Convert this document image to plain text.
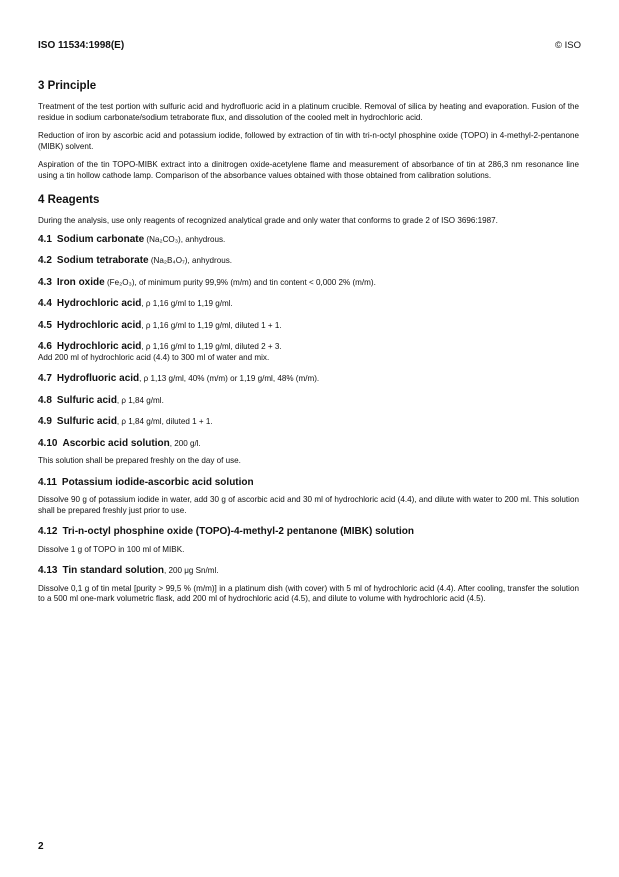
ISO 11534:1998(E)	© ISO
3 Principle

Treatment of the test portion with sulfuric acid and hydrofluoric acid in a platinum crucible. Removal of silica by heating and evaporation. Fusion of the residue in sodium carbonate/sodium tetraborate flux, and dissolution of the cooled melt in hydrochloric acid.

Reduction of iron by ascorbic acid and potassium iodide, followed by extraction of tin with tri-n-octyl phosphine oxide (TOPO) in 4-methyl-2-pentanone (MIBK) solvent.

Aspiration of the tin TOPO-MIBK extract into a dinitrogen oxide-acetylene flame and measurement of absorbance of tin at 286,3 nm resonance line using a tin hollow cathode lamp. Comparison of the absorbance values obtained with those obtained from calibration solutions.

4 Reagents

During the analysis, use only reagents of recognized analytical grade and only water that conforms to grade 2 of ISO 3696:1987.

4.1 Sodium carbonate (Na₂CO₃), anhydrous.
4.2 Sodium tetraborate (Na₂B₄O₇), anhydrous.
4.3 Iron oxide (Fe₂O₃), of minimum purity 99,9% (m/m) and tin content < 0,000 2% (m/m).
4.4 Hydrochloric acid, ρ 1,16 g/ml to 1,19 g/ml.
4.5 Hydrochloric acid, ρ 1,16 g/ml to 1,19 g/ml, diluted 1 + 1.
4.6 Hydrochloric acid, ρ 1,16 g/ml to 1,19 g/ml, diluted 2 + 3.
Add 200 ml of hydrochloric acid (4.4) to 300 ml of water and mix.
4.7 Hydrofluoric acid, ρ 1,13 g/ml, 40% (m/m) or 1,19 g/ml, 48% (m/m).
4.8 Sulfuric acid, ρ 1,84 g/ml.
4.9 Sulfuric acid, ρ 1,84 g/ml, diluted 1 + 1.
4.10 Ascorbic acid solution, 200 g/l.

This solution shall be prepared freshly on the day of use.

4.11 Potassium iodide-ascorbic acid solution

Dissolve 90 g of potassium iodide in water, add 30 g of ascorbic acid and 30 ml of hydrochloric acid (4.4), and dilute with water to 200 ml. This solution shall be prepared freshly just prior to use.

4.12 Tri-n-octyl phosphine oxide (TOPO)-4-methyl-2 pentanone (MIBK) solution

Dissolve 1 g of TOPO in 100 ml of MIBK.

4.13 Tin standard solution, 200 μg Sn/ml.

Dissolve 0,1 g of tin metal [purity > 99,5 % (m/m)] in a platinum dish (with cover) with 5 ml of hydrochloric acid (4.4). After cooling, transfer the solution to a 500 ml one-mark volumetric flask, add 200 ml of hydrochloric acid (4.5), and dilute to volume with hydrochloric acid (4.5).

2
